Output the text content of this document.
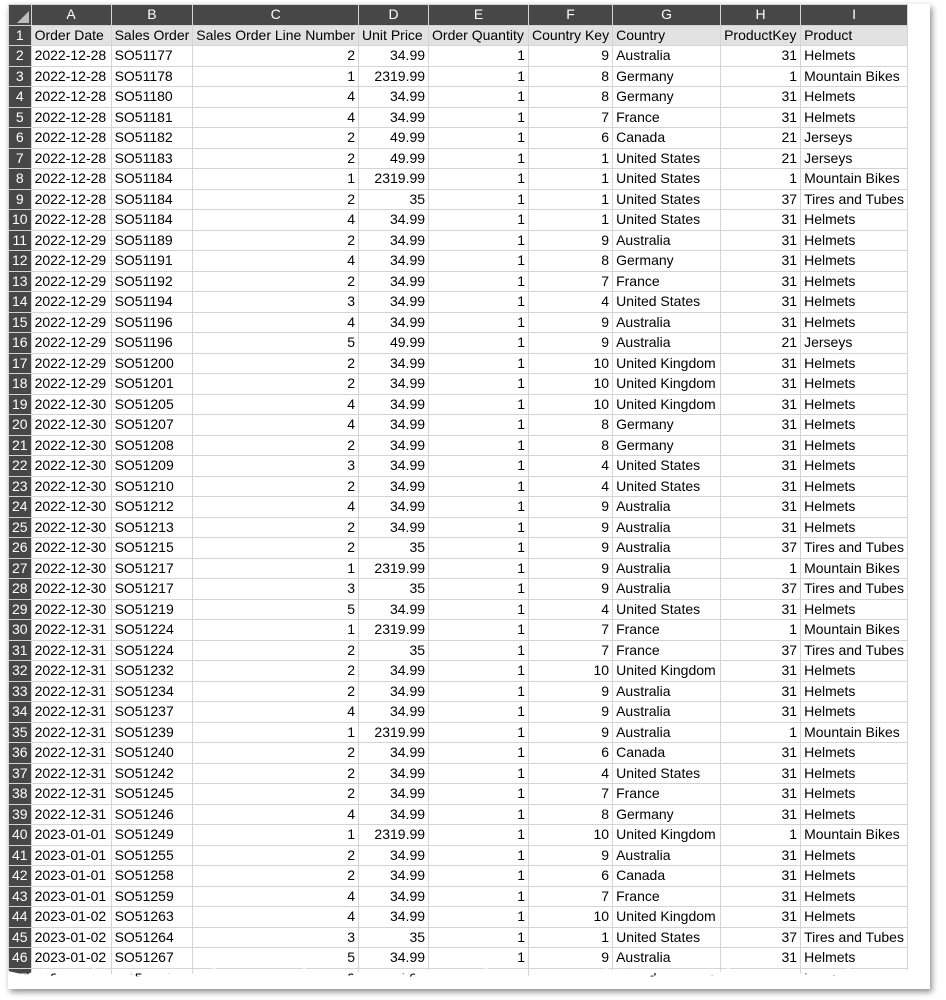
	A	B	C	D	E	F	G	H	I
1	Order Date	Sales Order	Sales Order Line Number	Unit Price	Order Quantity	Country Key	Country	ProductKey	Product
2	2022-12-28	SO51177	2	34.99	1	9	Australia	31	Helmets
3	2022-12-28	SO51178	1	2319.99	1	8	Germany	1	Mountain Bikes
4	2022-12-28	SO51180	4	34.99	1	8	Germany	31	Helmets
5	2022-12-28	SO51181	4	34.99	1	7	France	31	Helmets
6	2022-12-28	SO51182	2	49.99	1	6	Canada	21	Jerseys
7	2022-12-28	SO51183	2	49.99	1	1	United States	21	Jerseys
8	2022-12-28	SO51184	1	2319.99	1	1	United States	1	Mountain Bikes
9	2022-12-28	SO51184	2	35	1	1	United States	37	Tires and Tubes
10	2022-12-28	SO51184	4	34.99	1	1	United States	31	Helmets
11	2022-12-29	SO51189	2	34.99	1	9	Australia	31	Helmets
12	2022-12-29	SO51191	4	34.99	1	8	Germany	31	Helmets
13	2022-12-29	SO51192	2	34.99	1	7	France	31	Helmets
14	2022-12-29	SO51194	3	34.99	1	4	United States	31	Helmets
15	2022-12-29	SO51196	4	34.99	1	9	Australia	31	Helmets
16	2022-12-29	SO51196	5	49.99	1	9	Australia	21	Jerseys
17	2022-12-29	SO51200	2	34.99	1	10	United Kingdom	31	Helmets
18	2022-12-29	SO51201	2	34.99	1	10	United Kingdom	31	Helmets
19	2022-12-30	SO51205	4	34.99	1	10	United Kingdom	31	Helmets
20	2022-12-30	SO51207	4	34.99	1	8	Germany	31	Helmets
21	2022-12-30	SO51208	2	34.99	1	8	Germany	31	Helmets
22	2022-12-30	SO51209	3	34.99	1	4	United States	31	Helmets
23	2022-12-30	SO51210	2	34.99	1	4	United States	31	Helmets
24	2022-12-30	SO51212	4	34.99	1	9	Australia	31	Helmets
25	2022-12-30	SO51213	2	34.99	1	9	Australia	31	Helmets
26	2022-12-30	SO51215	2	35	1	9	Australia	37	Tires and Tubes
27	2022-12-30	SO51217	1	2319.99	1	9	Australia	1	Mountain Bikes
28	2022-12-30	SO51217	3	35	1	9	Australia	37	Tires and Tubes
29	2022-12-30	SO51219	5	34.99	1	4	United States	31	Helmets
30	2022-12-31	SO51224	1	2319.99	1	7	France	1	Mountain Bikes
31	2022-12-31	SO51224	2	35	1	7	France	37	Tires and Tubes
32	2022-12-31	SO51232	2	34.99	1	10	United Kingdom	31	Helmets
33	2022-12-31	SO51234	2	34.99	1	9	Australia	31	Helmets
34	2022-12-31	SO51237	4	34.99	1	9	Australia	31	Helmets
35	2022-12-31	SO51239	1	2319.99	1	9	Australia	1	Mountain Bikes
36	2022-12-31	SO51240	2	34.99	1	6	Canada	31	Helmets
37	2022-12-31	SO51242	2	34.99	1	4	United States	31	Helmets
38	2022-12-31	SO51245	2	34.99	1	7	France	31	Helmets
39	2022-12-31	SO51246	4	34.99	1	8	Germany	31	Helmets
40	2023-01-01	SO51249	1	2319.99	1	10	United Kingdom	1	Mountain Bikes
41	2023-01-01	SO51255	2	34.99	1	9	Australia	31	Helmets
42	2023-01-01	SO51258	2	34.99	1	6	Canada	31	Helmets
43	2023-01-01	SO51259	4	34.99	1	7	France	31	Helmets
44	2023-01-02	SO51263	4	34.99	1	10	United Kingdom	31	Helmets
45	2023-01-02	SO51264	3	35	1	1	United States	37	Tires and Tubes
46	2023-01-02	SO51267	5	34.99	1	9	Australia	31	Helmets
